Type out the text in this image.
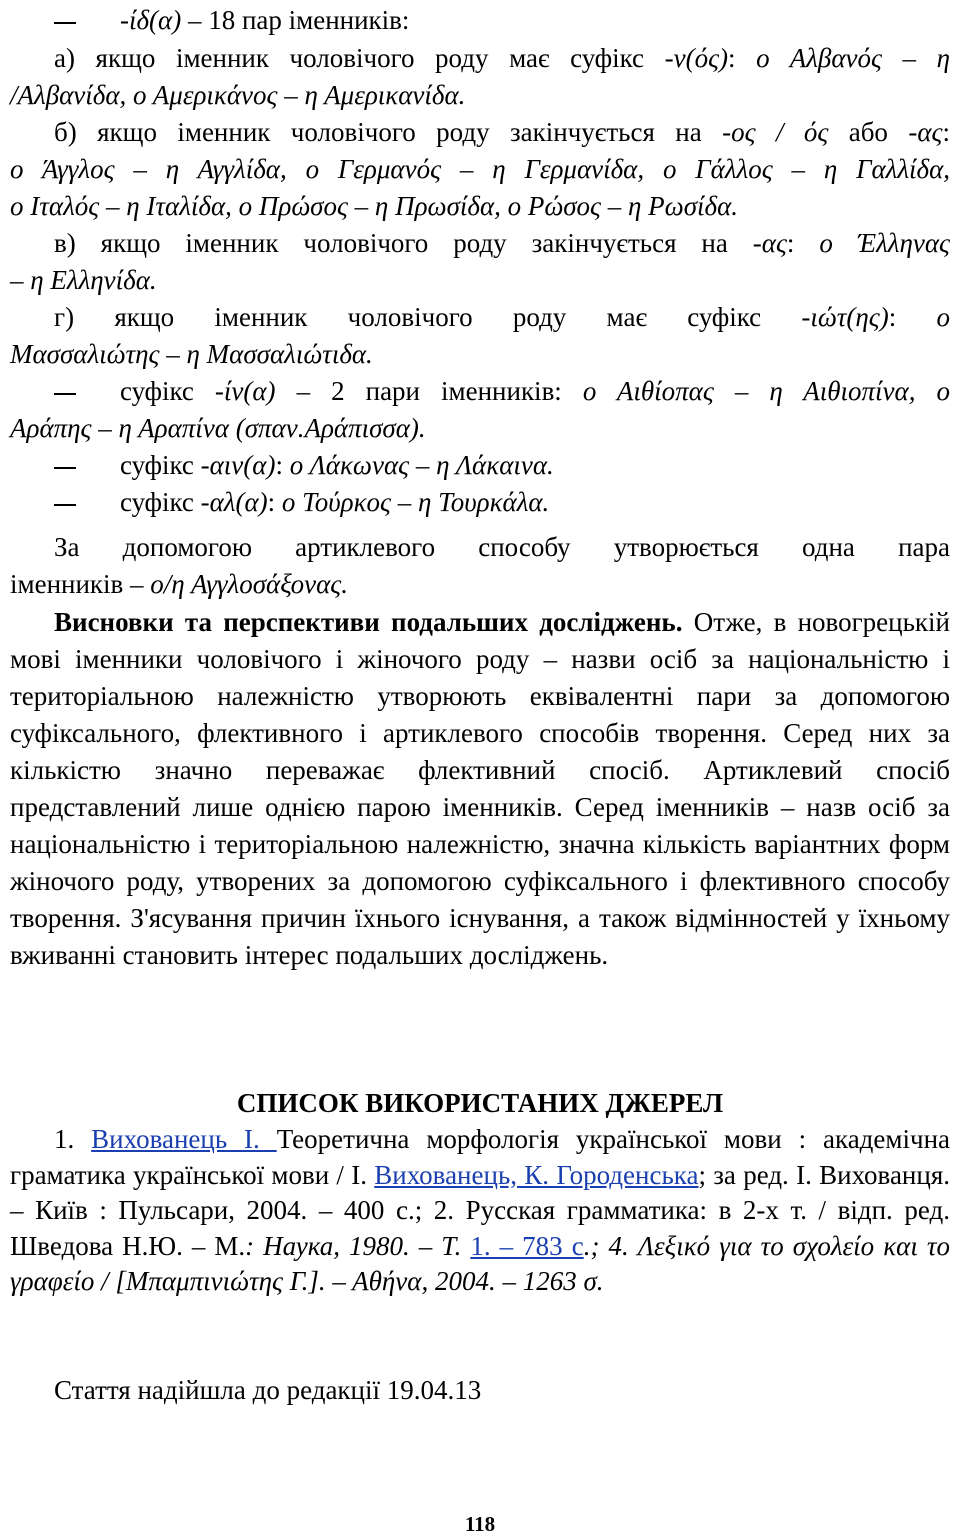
-ίδ(α) – 18 пар іменників:
а) якщо іменник чоловічого роду має суфікс -ν(ός): ο Αλβανός – η
/Αλβανίδα, ο Αμερικάνος – η Αμερικανίδα.
б) якщо іменник чоловічого роду закінчується на -ος / ός або -ας:
ο Άγγλος – η Αγγλίδα, ο Γερμανός – η Γερμανίδα, ο Γάλλος – η Γαλλίδα,
ο Ιταλός – η Ιταλίδα, ο Πρώσος – η Πρωσίδα, ο Ρώσος – η Ρωσίδα.
в) якщо іменник чоловічого роду закінчується на -ας: ο Έλληνας
– η Ελληνίδα.
г) якщо іменник чоловічого роду має суфікс -ιώτ(ης): ο
Μασσαλιώτης – η Μασσαλιώτιδα.
суфікс -ίν(α) – 2 пари іменників: ο Αιθίοπας – η Αιθιοπίνα, ο
Αράπης – η Αραπίνα (σπαν.Αράπισσα).
суфікс -αιν(α): ο Λάκωνας – η Λάκαινα.
суфікс -αλ(α): ο Τούρκος – η Τουρκάλα.
За допомогою артиклевого способу утворюється одна пара
іменників – ο/η Αγγλοσάξονας.
Висновки та перспективи подальших досліджень. Отже, в новогрецькій мові іменники чоловічого і жіночого роду – назви осіб за національністю і територіальною належністю утворюють еквівалентні пари за допомогою суфіксального, флективного і артиклевого способів творення. Серед них за кількістю значно переважає флективний спосіб. Артиклевий спосіб представлений лише однією парою іменників. Серед іменників – назв осіб за національністю і територіальною належністю, значна кількість варіантних форм жіночого роду, утворених за допомогою суфіксального і флективного способу творення. З'ясування причин їхнього існування, а також відмінностей у їхньому вживанні становить інтерес подальших досліджень.
СПИСОК ВИКОРИСТАНИХ ДЖЕРЕЛ
1. Вихованець І. Теоретична морфологія української мови : академічна граматика української мови / І. Вихованець, К. Городенська; за ред. І. Вихованця. – Київ : Пульсари, 2004. – 400 с.; 2. Русская грамматика: в 2-х т. / відп. ред. Шведова Н.Ю. – М.: Наука, 1980. – Т. 1. – 783 с.; 4. Λεξικό για το σχολείο και το γραφείο / [Μπαμπινιώτης Γ.]. – Αθήνα, 2004. – 1263 σ.
Стаття надійшла до редакції 19.04.13
118
